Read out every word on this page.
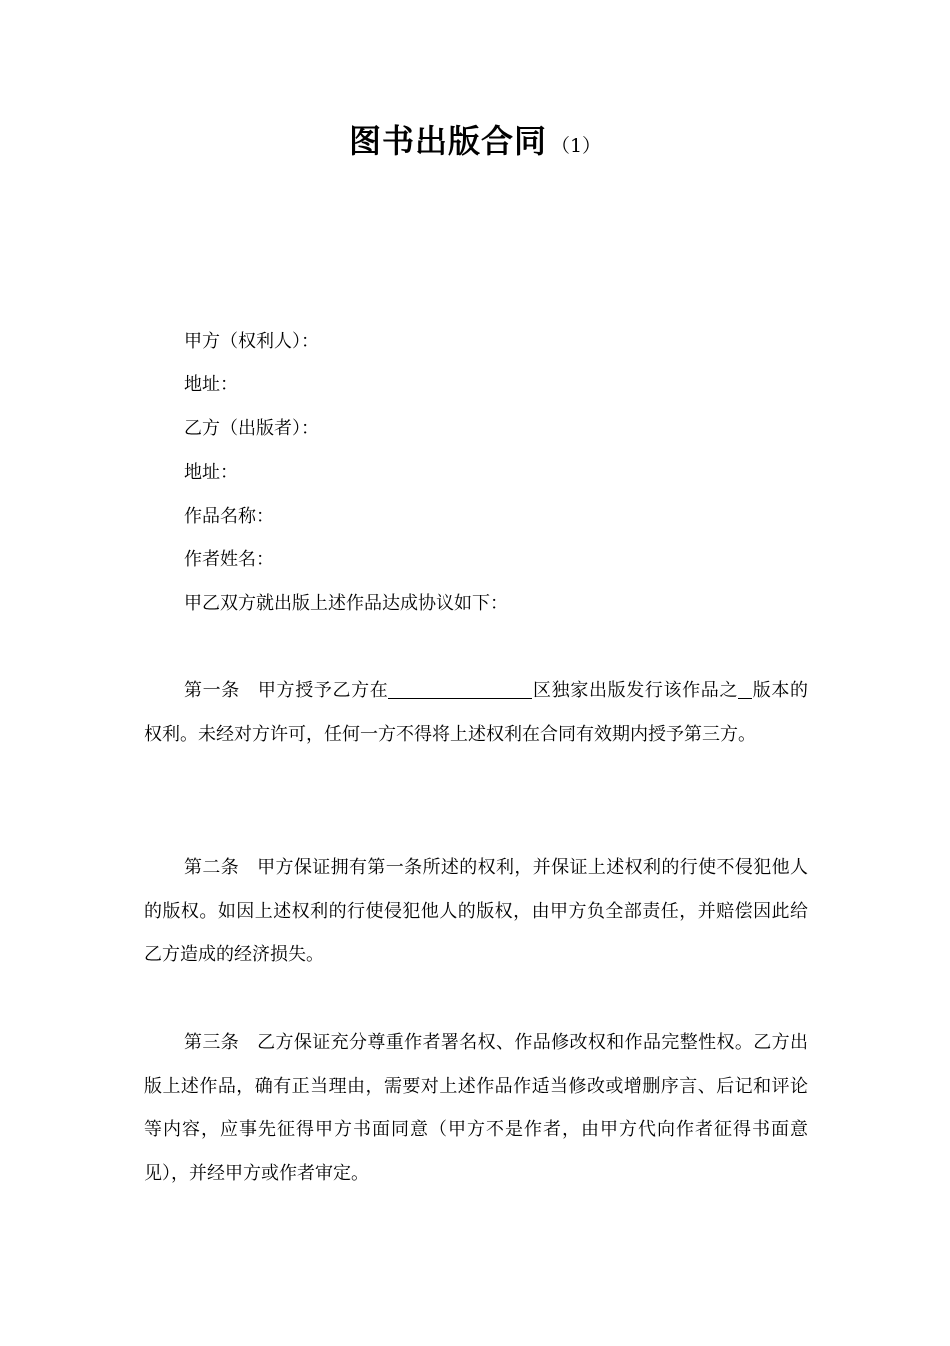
图书出版合同 （1）
甲方（权利人）：
地址：
乙方（出版者）：
地址：
作品名称：
作者姓名：
甲乙双方就出版上述作品达成协议如下：

第一条 甲方授予乙方在	区独家出版发行该作品之 版本的权利。未经对方许可，任何一方不得将上述权利在合同有效期内授予第三方。

第二条 甲方保证拥有第一条所述的权利，并保证上述权利的行使不侵犯他人的版权。如因上述权利的行使侵犯他人的版权，由甲方负全部责任，并赔偿因此给乙方造成的经济损失。

第三条 乙方保证充分尊重作者署名权、作品修改权和作品完整性权。乙方出版上述作品，确有正当理由，需要对上述作品作适当修改或增删序言、后记和评论等内容，应事先征得甲方书面同意（甲方不是作者，由甲方代向作者征得书面意见），并经甲方或作者审定。
